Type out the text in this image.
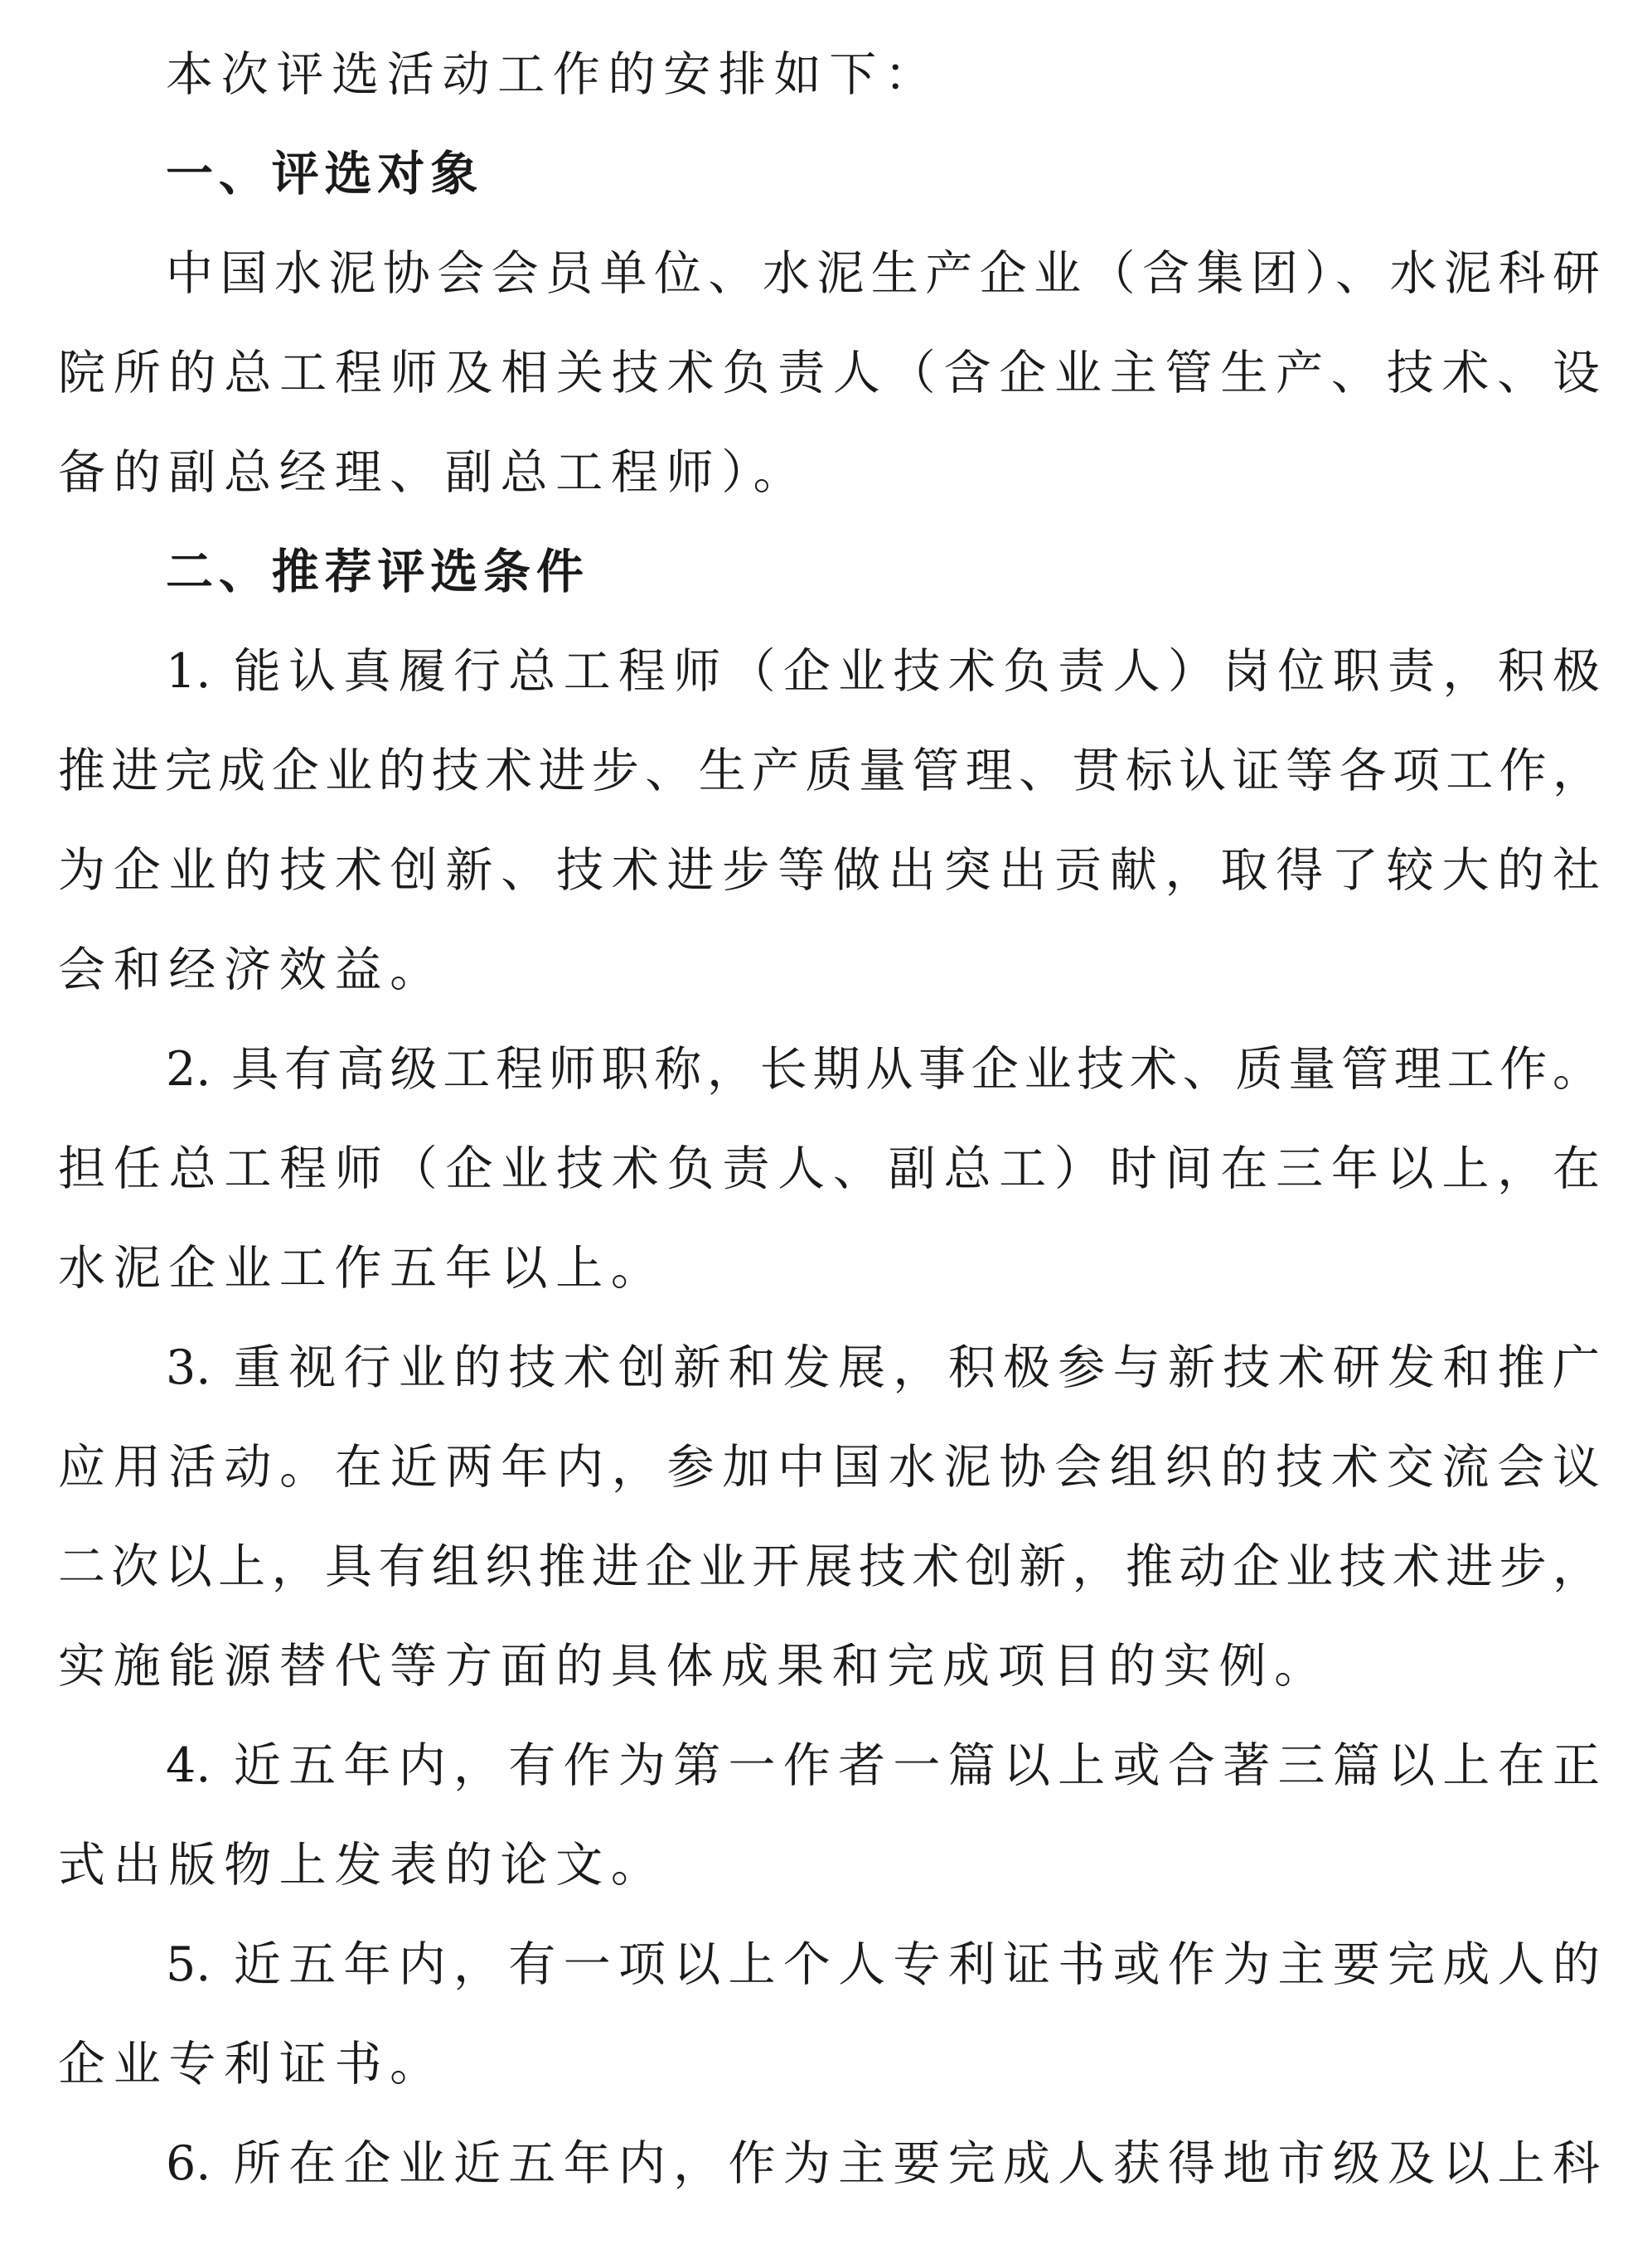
本次评选活动工作的安排如下：
一、评选对象
中国水泥协会会员单位、水泥生产企业（含集团）、水泥科研
院所的总工程师及相关技术负责人（含企业主管生产、技术、设
备的副总经理、副总工程师）。
二、推荐评选条件
1. 能认真履行总工程师（企业技术负责人）岗位职责，积极
推进完成企业的技术进步、生产质量管理、贯标认证等各项工作，
为企业的技术创新、技术进步等做出突出贡献，取得了较大的社
会和经济效益。
2. 具有高级工程师职称，长期从事企业技术、质量管理工作。
担任总工程师（企业技术负责人、副总工）时间在三年以上，在
水泥企业工作五年以上。
3. 重视行业的技术创新和发展，积极参与新技术研发和推广
应用活动。在近两年内，参加中国水泥协会组织的技术交流会议
二次以上，具有组织推进企业开展技术创新，推动企业技术进步，
实施能源替代等方面的具体成果和完成项目的实例。
4. 近五年内，有作为第一作者一篇以上或合著三篇以上在正
式出版物上发表的论文。
5. 近五年内，有一项以上个人专利证书或作为主要完成人的
企业专利证书。
6. 所在企业近五年内，作为主要完成人获得地市级及以上科
